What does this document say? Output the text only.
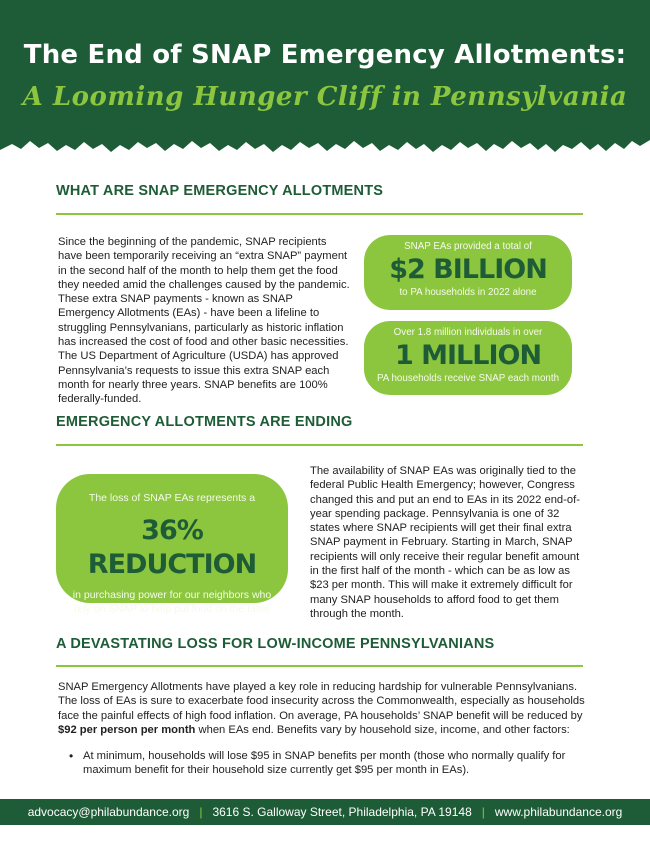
The End of SNAP Emergency Allotments:
A Looming Hunger Cliff in Pennsylvania
WHAT ARE SNAP EMERGENCY ALLOTMENTS

Since the beginning of the pandemic, SNAP recipients have been temporarily receiving an “extra SNAP” payment in the second half of the month to help them get the food they needed amid the challenges caused by the pandemic. These extra SNAP payments - known as SNAP Emergency Allotments (EAs) - have been a lifeline to struggling Pennsylvanians, particularly as historic inflation has increased the cost of food and other basic necessities. The US Department of Agriculture (USDA) has approved Pennsylvania’s requests to issue this extra SNAP each month for nearly three years. SNAP benefits are 100% federally-funded.

SNAP EAs provided a total of
$2 BILLION
to PA households in 2022 alone
Over 1.8 million individuals in over
1 MILLION
PA households receive SNAP each month
EMERGENCY ALLOTMENTS ARE ENDING
The loss of SNAP EAs represents a
36% REDUCTION
in purchasing power for our neighbors who rely on SNAP to help put food on the table

The availability of SNAP EAs was originally tied to the federal Public Health Emergency; however, Congress changed this and put an end to EAs in its 2022 end-of-year spending package. Pennsylvania is one of 32 states where SNAP recipients will get their final extra SNAP payment in February. Starting in March, SNAP recipients will only receive their regular benefit amount in the first half of the month - which can be as low as $23 per month. This will make it extremely difficult for many SNAP households to afford food to get them through the month.

A DEVASTATING LOSS FOR LOW-INCOME PENNSYLVANIANS

SNAP Emergency Allotments have played a key role in reducing hardship for vulnerable Pennsylvanians. The loss of EAs is sure to exacerbate food insecurity across the Commonwealth, especially as households face the painful effects of high food inflation. On average, PA households’ SNAP benefit will be reduced by $92 per person per month when EAs end. Benefits vary by household size, income, and other factors:

• At minimum, households will lose $95 in SNAP benefits per month (those who normally qualify for maximum benefit for their household size currently get $95 per month in EAs).
advocacy@philabundance.org | 3616 S. Galloway Street, Philadelphia, PA 19148 | www.philabundance.org
